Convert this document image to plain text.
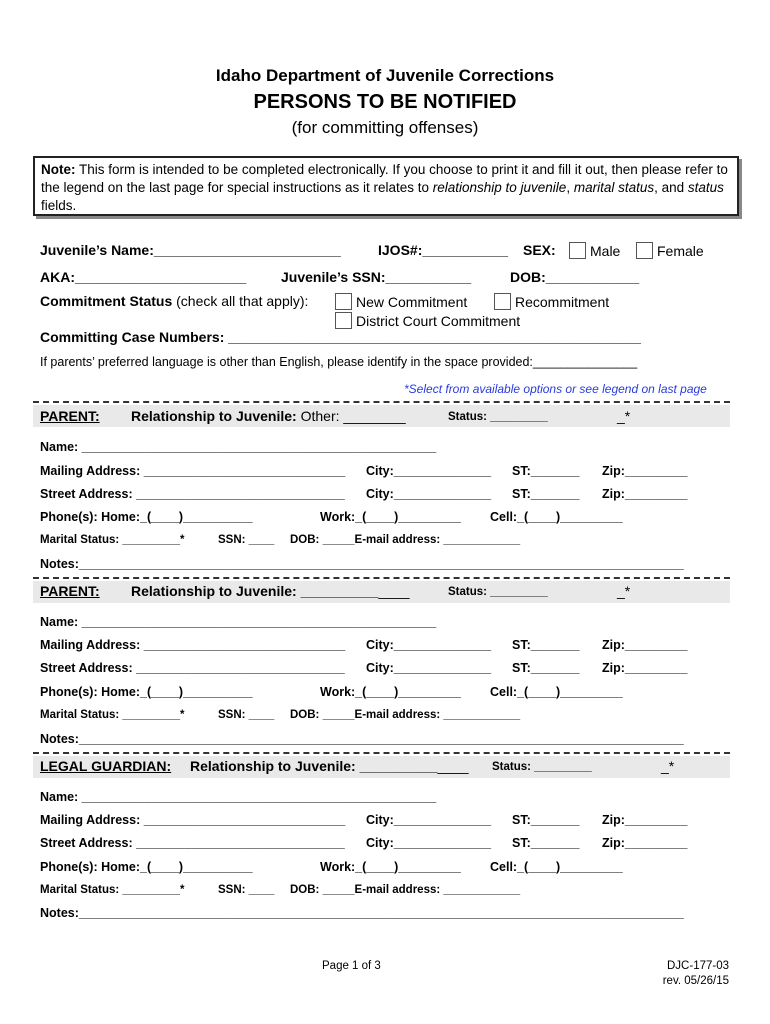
Idaho Department of Juvenile Corrections
PERSONS TO BE NOTIFIED
(for committing offenses)
Note: This form is intended to be completed electronically. If you choose to print it and fill it out, then please refer to the legend on the last page for special instructions as it relates to relationship to juvenile, marital status, and status fields.
Juvenile’s Name:________________________	IJOS#:___________ SEX:	Male	Female
AKA:______________________ Juvenile’s SSN:___________	DOB:____________
Commitment Status (check all that apply):	New Commitment	Recommitment
District Court Commitment
Committing Case Numbers: _____________________________________________________
If parents’ preferred language is other than English, please identify in the space provided:_______________
*Select from available options or see legend on last page
PARENT: Relationship to Juvenile: Other: ________	Status: _________	_*
Name: ___________________________________________________
Mailing Address: _____________________________ City:______________ ST:_______ Zip:_________
Street Address: ______________________________ City:______________ ST:_______ Zip:_________
Phone(s): Home:_(____)__________	Work:_(____)_________ Cell:_(____)_________
Marital Status: _________*	SSN: ____ DOB: _____E-mail address: ____________
Notes:_______________________________________________________________________________________
PARENT: Relationship to Juvenile: ______________	Status: _________	_*
Name: ___________________________________________________
Mailing Address: _____________________________ City:______________ ST:_______ Zip:_________
Street Address: ______________________________ City:______________ ST:_______ Zip:_________
Phone(s): Home:_(____)__________	Work:_(____)_________ Cell:_(____)_________
Marital Status: _________*	SSN: ____ DOB: _____E-mail address: ____________
Notes:_______________________________________________________________________________________
LEGAL GUARDIAN: Relationship to Juvenile: ______________ Status: _________	_*
Name: ___________________________________________________
Mailing Address: _____________________________ City:______________ ST:_______ Zip:_________
Street Address: ______________________________ City:______________ ST:_______ Zip:_________
Phone(s): Home:_(____)__________	Work:_(____)_________ Cell:_(____)_________
Marital Status: _________*	SSN: ____ DOB: _____E-mail address: ____________
Notes:_______________________________________________________________________________________
Page 1 of 3	DJC-177-03
rev. 05/26/15
